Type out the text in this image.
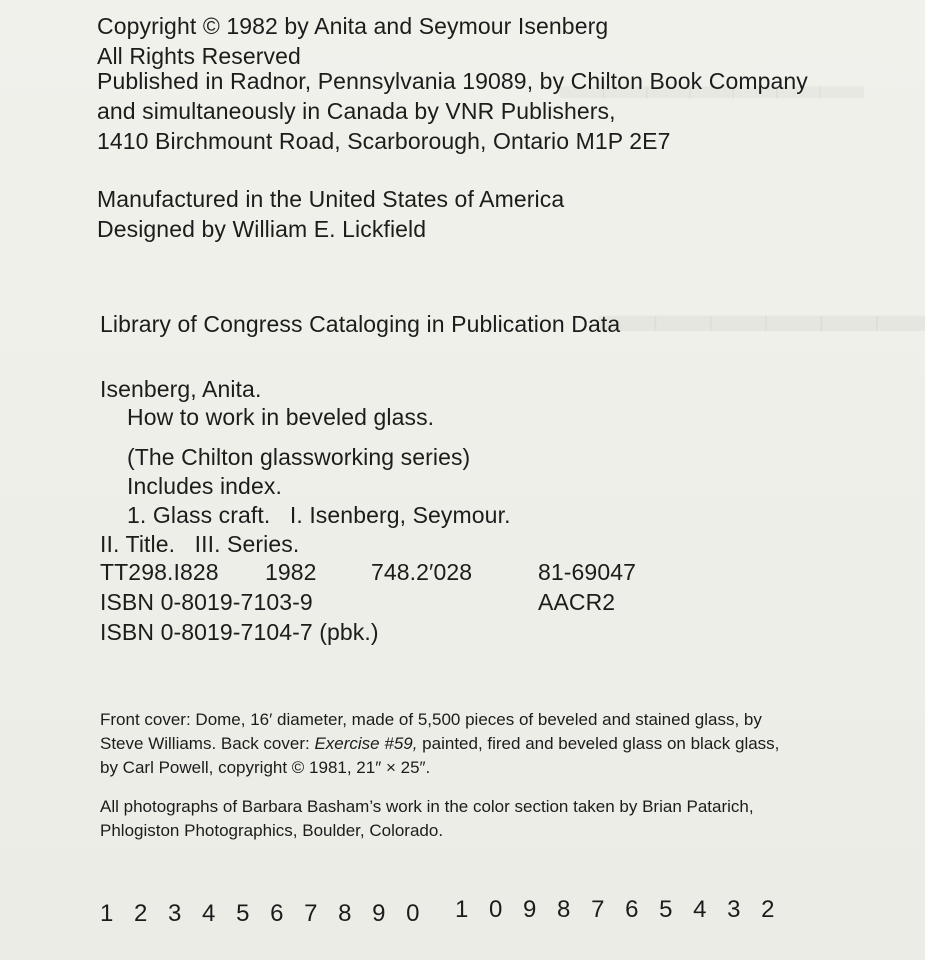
Copyright © 1982 by Anita and Seymour Isenberg
All Rights Reserved
Published in Radnor, Pennsylvania 19089, by Chilton Book Company
and simultaneously in Canada by VNR Publishers,
1410 Birchmount Road, Scarborough, Ontario M1P 2E7
Manufactured in the United States of America
Designed by William E. Lickfield
Library of Congress Cataloging in Publication Data
Isenberg, Anita.
How to work in beveled glass.
(The Chilton glassworking series)
Includes index.
1. Glass craft.   I. Isenberg, Seymour.
II. Title.   III. Series.
TT298.I828 1982 748.2′028	81-69047
ISBN 0-8019-7103-9	AACR2
ISBN 0-8019-7104-7 (pbk.)
Front cover: Dome, 16′ diameter, made of 5,500 pieces of beveled and stained glass, by
Steve Williams. Back cover: Exercise #59, painted, fired and beveled glass on black glass,
by Carl Powell, copyright © 1981, 21″ × 25″.
All photographs of Barbara Basham’s work in the color section taken by Brian Patarich,
Phlogiston Photographics, Boulder, Colorado.
1 2 3 4 5 6 7 8 9 0 1 0 9 8 7 6 5 4 3 2
